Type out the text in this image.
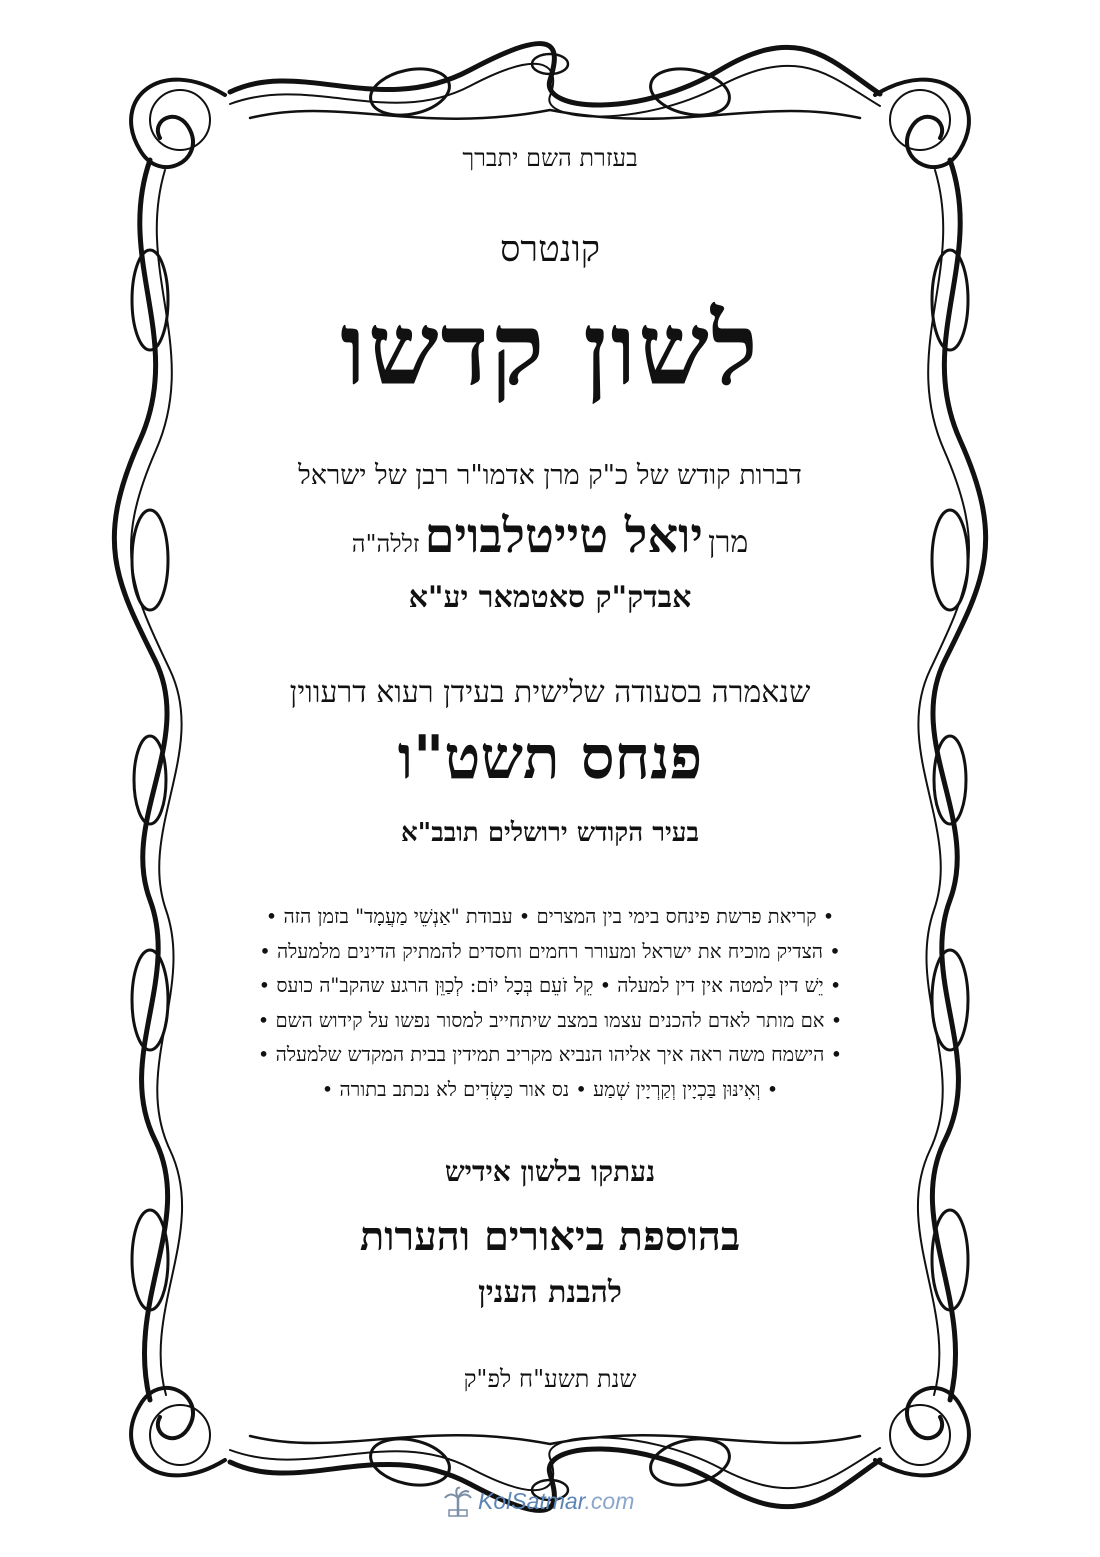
בעזרת השם יתברך
קונטרס
לשון קדשו
דברות קודש של כ"ק מרן אדמו"ר רבן של ישראל
מרן יואל טייטלבוים זללה"ה
אבדק"ק סאטמאר יע"א
שנאמרה בסעודה שלישית בעידן רעוא דרעווין
פנחס תשט"ו
בעיר הקודש ירושלים תובב"א
• קריאת פרשת פינחס בימי בין המצרים • עבודת "אַנְשֵׁי מַעֲמָד" בזמן הזה •
• הצדיק מוכיח את ישראל ומעורר רחמים וחסדים להמתיק הדינים מלמעלה •
• יֵשׁ דין למטה אין דין למעלה • קֵל זֹעֵם בְּכָל יוֹם: לְכַוֵּן הרגע שהקב"ה כועס •
• אם מותר לאדם להכנים עצמו במצב שיתחייב למסור נפשו על קידוש השם •
• הישמח משה ראה איך אליהו הנביא מקריב תמידין בבית המקדש שלמעלה •
• וְאִינּוּן בַּכְיָין וְקַרְיָין שְׁמַע • נס אור כַּשְׂדִים לא נכתב בתורה •
נעתקו בלשון אידיש
בהוספת ביאורים והערות
להבנת הענין
שנת תשע"ח לפ"ק
KolSatmar.com
